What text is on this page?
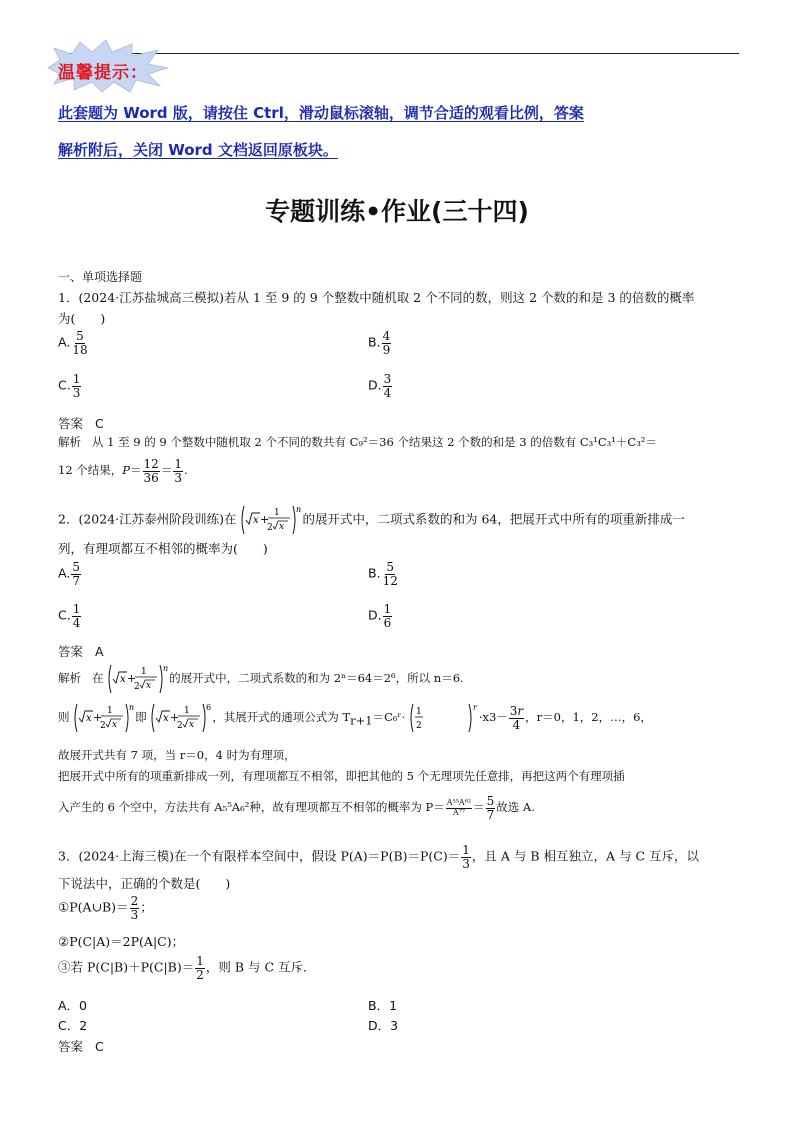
温馨提示：
此套题为 Word 版，请按住 Ctrl，滑动鼠标滚轴，调节合适的观看比例，答案
解析附后，关闭 Word 文档返回原板块。
专题训练•作业(三十四)
一、单项选择题
1．(2024·江苏盐城高三模拟)若从 1 至 9 的 9 个整数中随机取 2 个不同的数，则这 2 个数的和是 3 的倍数的概率
为(　　)
A. $\frac{5}{18}$	B. $\frac{4}{9}$
C. $\frac{1}{3}$	D. $\frac{3}{4}$
答案 C
解析 从 1 至 9 的 9 个整数中随机取 2 个不同的数共有 C₉²＝36 个结果这 2 个数的和是 3 的倍数有 C₃¹C₃¹＋C₃²＝
12 个结果，$P= \frac{12}{36} = \frac{1}{3}$ .
2．(2024·江苏泰州阶段训练)在 x + 1
2 x
n
的展开式中，二项式系数的和为 64，把展开式中所有的项重新排成一
列，有理项都互不相邻的概率为(　　)
A. $\frac{5}{7}$	B. $\frac{5}{12}$
C. $\frac{1}{4}$	D. $\frac{1}{6}$
答案 A
解析 在 x + 1
2 x
n
的展开式中，二项式系数的和为 2ⁿ＝64＝2⁶，所以 n＝6.
则 x + 1
2 x
n
即 x + 1
2 x
6
，其展开式的通项公式为 $T_{r+1}=C_6ʳ\cdot 1$
2
r
$\cdot x3- \frac{3r}{4}$ ，r＝0，1，2，…，6，
故展开式共有 7 项，当 r＝0，4 时为有理项，
把展开式中所有的项重新排成一列，有理项都互不相邻，即把其他的 5 个无理项先任意排，再把这两个有理项插
入产生的 6 个空中，方法共有 A₅⁵A₆²种，故有理项都互不相邻的概率为 $P= \frac{\text{A⁵⁵A⁶²}}{\text{A⁷⁷}} = \frac{5}{7}$ 故选 A.
3．(2024·上海三模)在一个有限样本空间中，假设 $P(A)=P(B)=P(C)= \frac{1}{3}$ ，且 A 与 B 相互独立，A 与 C 互斥，以
下说法中，正确的个数是(　　)
①P(A∪B)＝ $\frac{2}{3}$ ；
②P(C|A)＝2P(A|C)；
③若 $P(C|B)+P(C|B)= \frac{1}{2}$ ，则 B 与 C 互斥．
A．0	B．1
C．2	D．3
答案 C
